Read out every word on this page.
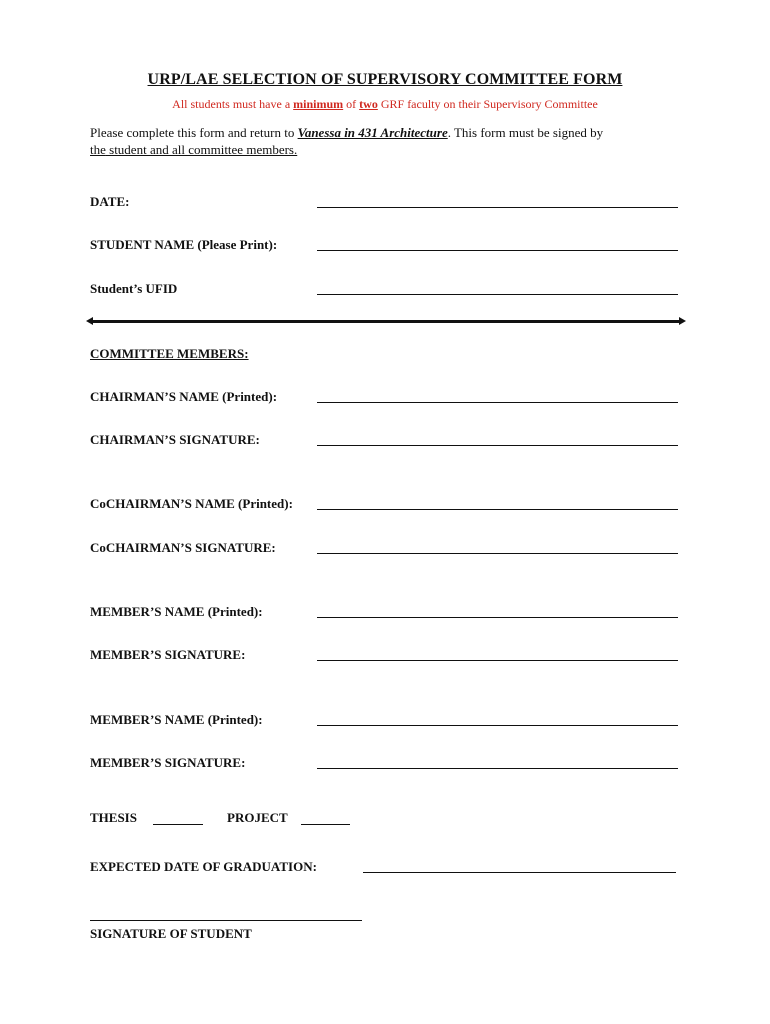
URP/LAE SELECTION OF SUPERVISORY COMMITTEE FORM
All students must have a minimum of two GRF faculty on their Supervisory Committee
Please complete this form and return to Vanessa in 431 Architecture. This form must be signed by
the student and all committee members.
DATE:
STUDENT NAME (Please Print):
Student’s UFID
COMMITTEE MEMBERS:
CHAIRMAN’S NAME (Printed):
CHAIRMAN’S SIGNATURE:
CoCHAIRMAN’S NAME (Printed):
CoCHAIRMAN’S SIGNATURE:
MEMBER’S NAME (Printed):
MEMBER’S SIGNATURE:
MEMBER’S NAME (Printed):
MEMBER’S SIGNATURE:
THESIS	PROJECT
EXPECTED DATE OF GRADUATION:
SIGNATURE OF STUDENT
